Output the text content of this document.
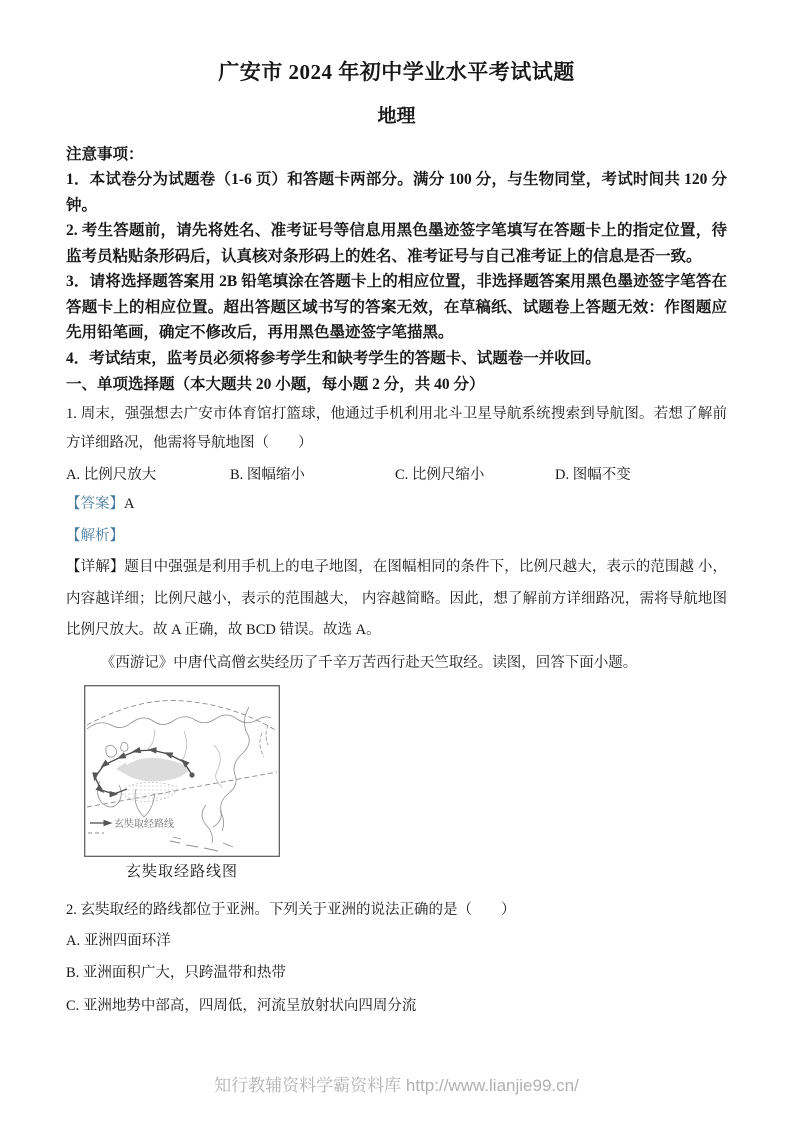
广安市 2024 年初中学业水平考试试题
地理
注意事项：

1．本试卷分为试题卷（1-6 页）和答题卡两部分。满分 100 分，与生物同堂，考试时间共 120 分钟。

2. 考生答题前，请先将姓名、准考证号等信息用黑色墨迹签字笔填写在答题卡上的指定位置，待监考员粘贴条形码后，认真核对条形码上的姓名、准考证号与自己准考证上的信息是否一致。

3．请将选择题答案用 2B 铅笔填涂在答题卡上的相应位置，非选择题答案用黑色墨迹签字笔答在答题卡上的相应位置。超出答题区域书写的答案无效，在草稿纸、试题卷上答题无效：作图题应先用铅笔画，确定不修改后，再用黑色墨迹签字笔描黑。

4．考试结束，监考员必须将参考学生和缺考学生的答题卡、试题卷一并收回。

一、单项选择题（本大题共 20 小题，每小题 2 分，共 40 分）

1. 周末，强强想去广安市体育馆打篮球，他通过手机利用北斗卫星导航系统搜索到导航图。若想了解前方详细路况，他需将导航地图（　　）

A. 比例尺放大	B. 图幅缩小	C. 比例尺缩小	D. 图幅不变

【答案】A

【解析】

【详解】题目中强强是利用手机上的电子地图，在图幅相同的条件下，比例尺越大，表示的范围越 小，内容越详细；比例尺越小，表示的范围越大， 内容越简略。因此，想了解前方详细路况，需将导航地图比例尺放大。故 A 正确，故 BCD 错误。故选 A。

《西游记》中唐代高僧玄奘经历了千辛万苦西行赴天竺取经。读图，回答下面小题。

玄奘取经路线
玄奘取经路线图

2. 玄奘取经的路线都位于亚洲。下列关于亚洲的说法正确的是（　　）

A. 亚洲四面环洋

B. 亚洲面积广大，只跨温带和热带

C. 亚洲地势中部高，四周低，河流呈放射状向四周分流

知行教辅资料学霸资料库 http://www.lianjie99.cn/
